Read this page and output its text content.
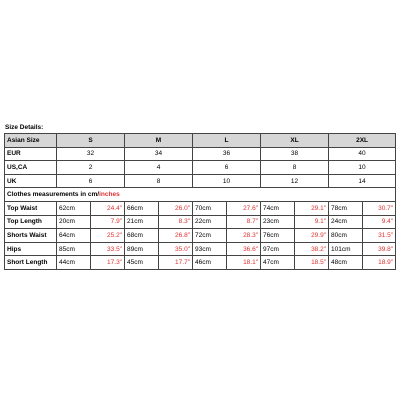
Size Details:
Asian Size	S		M		L		XL		2XL	
EUR	32		34		36		38		40	
US,CA	2		4		6		8		10	
UK	6		8		10		12		14	
Clothes measurements in cm/inches										
Top Waist	62cm	24.4"	66cm	26.0"	70cm	27.6"	74cm	29.1"	78cm	30.7"
Top Length	20cm	7.9"	21cm	8.3"	22cm	8.7"	23cm	9.1"	24cm	9.4"
Shorts Waist	64cm	25.2"	68cm	26.8"	72cm	28.3"	76cm	29.9"	80cm	31.5"
Hips	85cm	33.5"	89cm	35.0"	93cm	36.6"	97cm	38.2"	101cm	39.8"
Short Length	44cm	17.3"	45cm	17.7"	46cm	18.1"	47cm	18.5"	48cm	18.9"
